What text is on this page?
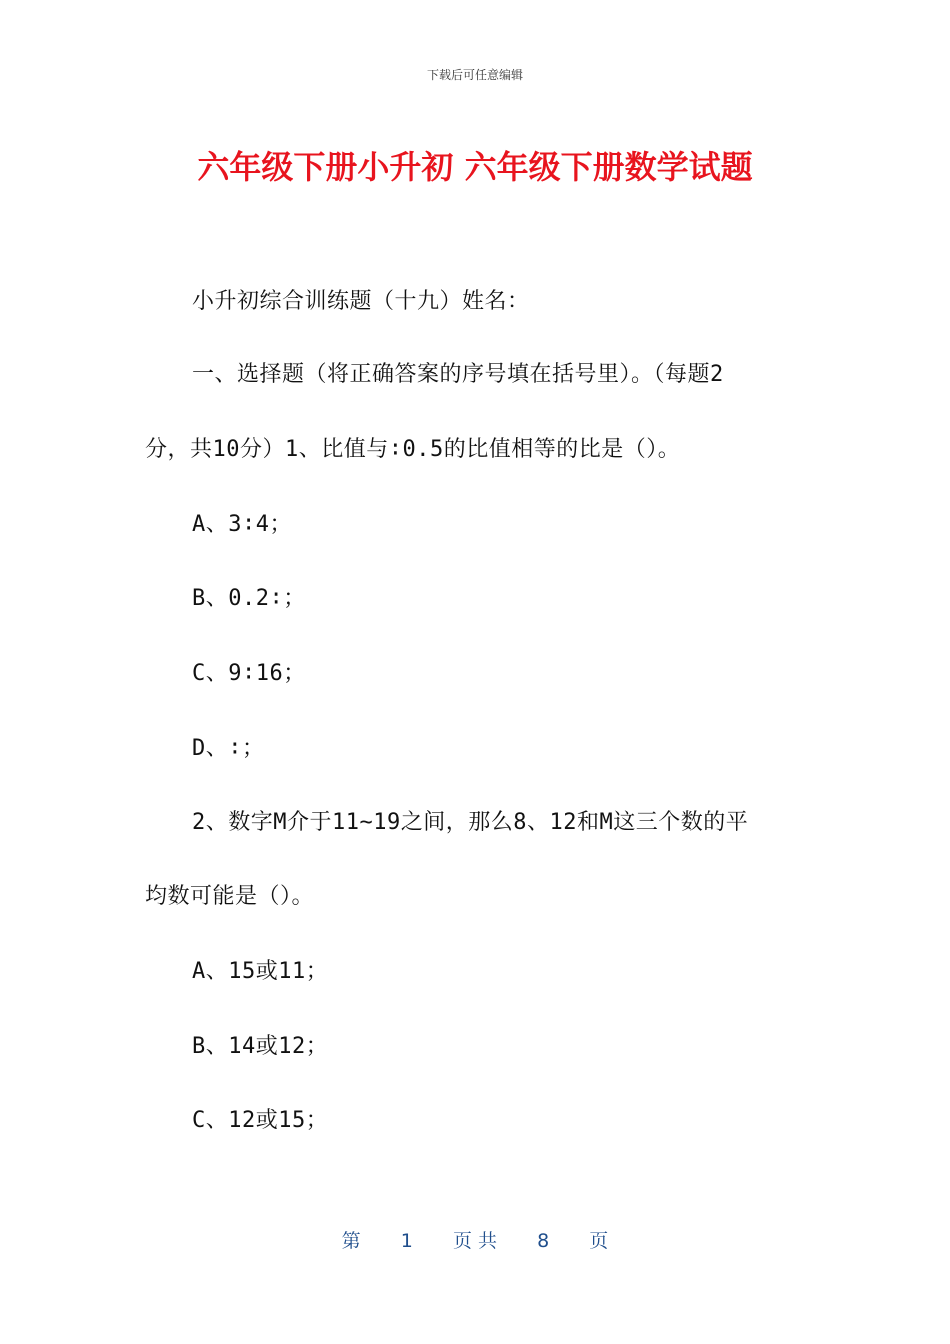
下载后可任意编辑
六年级下册小升初 六年级下册数学试题
小升初综合训练题（十九）姓名：
一、选择题（将正确答案的序号填在括号里）。（每题2
分，共10分）1、比值与∶0.5的比值相等的比是（）。
A、3∶4；
B、0.2∶；
C、9∶16；
D、∶；
2、数字M介于11~19之间，那么8、12和M这三个数的平
均数可能是（）。
A、15或11；
B、14或12；
C、12或15；
第 1 页 共 8 页
